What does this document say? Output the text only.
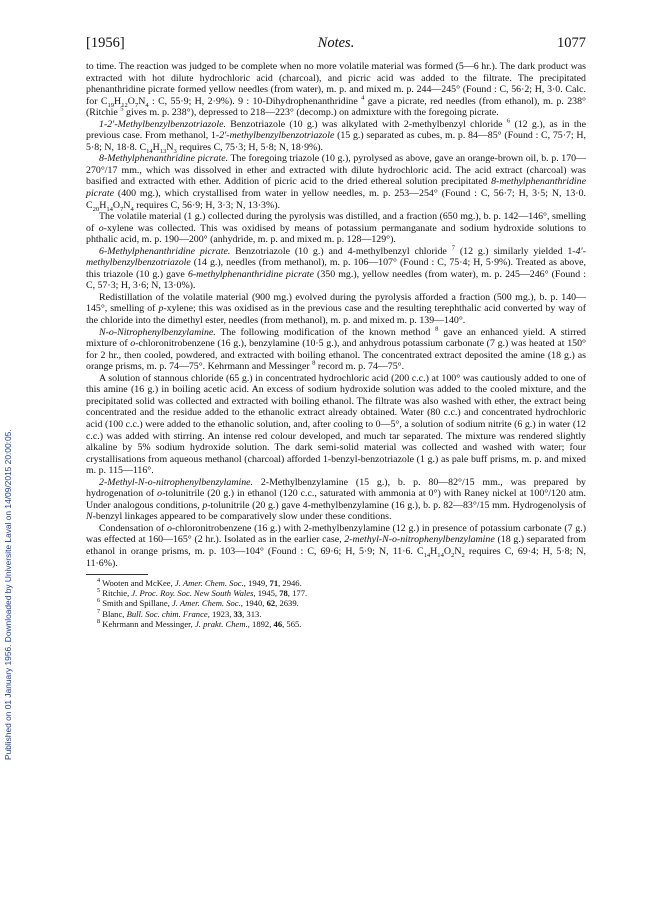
[1956]	Notes.	1077
Published on 01 January 1956. Downloaded by Universite Laval on 14/09/2015 20:00:05.

to time. The reaction was judged to be complete when no more volatile material was formed (5—6 hr.). The dark product was extracted with hot dilute hydrochloric acid (charcoal), and picric acid was added to the filtrate. The precipitated phenanthridine picrate formed yellow needles (from water), m. p. and mixed m. p. 244—245° (Found : C, 56·2; H, 3·0. Calc. for $C_{19}H_{12}O_7N_4$ : C, 55·9; H, 2·9%). 9 : 10-Dihydrophenanthridine $^4$ gave a picrate, red needles (from ethanol), m. p. 238° (Ritchie $^5$ gives m. p. 238°), depressed to 218—223° (decomp.) on admixture with the foregoing picrate.

1-2′-Methylbenzylbenzotriazole. Benzotriazole (10 g.) was alkylated with 2-methylbenzyl chloride $^6$ (12 g.), as in the previous case. From methanol, 1-2′-methylbenzylbenzotriazole (15 g.) separated as cubes, m. p. 84—85° (Found : C, 75·7; H, 5·8; N, 18·8. $C_{14}H_{13}N_3$ requires C, 75·3; H, 5·8; N, 18·9%).

8-Methylphenanthridine picrate. The foregoing triazole (10 g.), pyrolysed as above, gave an orange-brown oil, b. p. 170—270°/17 mm., which was dissolved in ether and extracted with dilute hydrochloric acid. The acid extract (charcoal) was basified and extracted with ether. Addition of picric acid to the dried ethereal solution precipitated 8-methylphenanthridine picrate (400 mg.), which crystallised from water in yellow needles, m. p. 253—254° (Found : C, 56·7; H, 3·5; N, 13·0. $C_{20}H_{14}O_7N_4$ requires C, 56·9; H, 3·3; N, 13·3%).

The volatile material (1 g.) collected during the pyrolysis was distilled, and a fraction (650 mg.), b. p. 142—146°, smelling of o-xylene was collected. This was oxidised by means of potassium permanganate and sodium hydroxide solutions to phthalic acid, m. p. 190—200° (anhydride, m. p. and mixed m. p. 128—129°).

6-Methylphenanthridine picrate. Benzotriazole (10 g.) and 4-methylbenzyl chloride $^7$ (12 g.) similarly yielded 1-4′-methylbenzylbenzotriazole (14 g.), needles (from methanol), m. p. 106—107° (Found : C, 75·4; H, 5·9%). Treated as above, this triazole (10 g.) gave 6-methylphenanthridine picrate (350 mg.), yellow needles (from water), m. p. 245—246° (Found : C, 57·3; H, 3·6; N, 13·0%).

Redistillation of the volatile material (900 mg.) evolved during the pyrolysis afforded a fraction (500 mg.), b. p. 140—145°, smelling of p-xylene; this was oxidised as in the previous case and the resulting terephthalic acid converted by way of the chloride into the dimethyl ester, needles (from methanol), m. p. and mixed m. p. 139—140°.

N-o-Nitrophenylbenzylamine. The following modification of the known method $^8$ gave an enhanced yield. A stirred mixture of o-chloronitrobenzene (16 g.), benzylamine (10·5 g.), and anhydrous potassium carbonate (7 g.) was heated at 150° for 2 hr., then cooled, powdered, and extracted with boiling ethanol. The concentrated extract deposited the amine (18 g.) as orange prisms, m. p. 74—75°. Kehrmann and Messinger $^8$ record m. p. 74—75°.

A solution of stannous chloride (65 g.) in concentrated hydrochloric acid (200 c.c.) at 100° was cautiously added to one of this amine (16 g.) in boiling acetic acid. An excess of sodium hydroxide solution was added to the cooled mixture, and the precipitated solid was collected and extracted with boiling ethanol. The filtrate was also washed with ether, the extract being concentrated and the residue added to the ethanolic extract already obtained. Water (80 c.c.) and concentrated hydrochloric acid (100 c.c.) were added to the ethanolic solution, and, after cooling to 0—5°, a solution of sodium nitrite (6 g.) in water (12 c.c.) was added with stirring. An intense red colour developed, and much tar separated. The mixture was rendered slightly alkaline by 5% sodium hydroxide solution. The dark semi-solid material was collected and washed with water; four crystallisations from aqueous methanol (charcoal) afforded 1-benzyl-benzotriazole (1 g.) as pale buff prisms, m. p. and mixed m. p. 115—116°.

2-Methyl-N-o-nitrophenylbenzylamine. 2-Methylbenzylamine (15 g.), b. p. 80—82°/15 mm., was prepared by hydrogenation of o-tolunitrile (20 g.) in ethanol (120 c.c., saturated with ammonia at 0°) with Raney nickel at 100°/120 atm. Under analogous conditions, p-tolunitrile (20 g.) gave 4-methylbenzylamine (16 g.), b. p. 82—83°/15 mm. Hydrogenolysis of N-benzyl linkages appeared to be comparatively slow under these conditions.

Condensation of o-chloronitrobenzene (16 g.) with 2-methylbenzylamine (12 g.) in presence of potassium carbonate (7 g.) was effected at 160—165° (2 hr.). Isolated as in the earlier case, 2-methyl-N-o-nitrophenylbenzylamine (18 g.) separated from ethanol in orange prisms, m. p. 103—104° (Found : C, 69·6; H, 5·9; N, 11·6. $C_{14}H_{14}O_2N_2$ requires C, 69·4; H, 5·8; N, 11·6%).

$^4$ Wooten and McKee, J. Amer. Chem. Soc., 1949, 71, 2946.
$^5$ Ritchie, J. Proc. Roy. Soc. New South Wales, 1945, 78, 177.
$^6$ Smith and Spillane, J. Amer. Chem. Soc., 1940, 62, 2639.
$^7$ Blanc, Bull. Soc. chim. France, 1923, 33, 313.
$^8$ Kehrmann and Messinger, J. prakt. Chem., 1892, 46, 565.
